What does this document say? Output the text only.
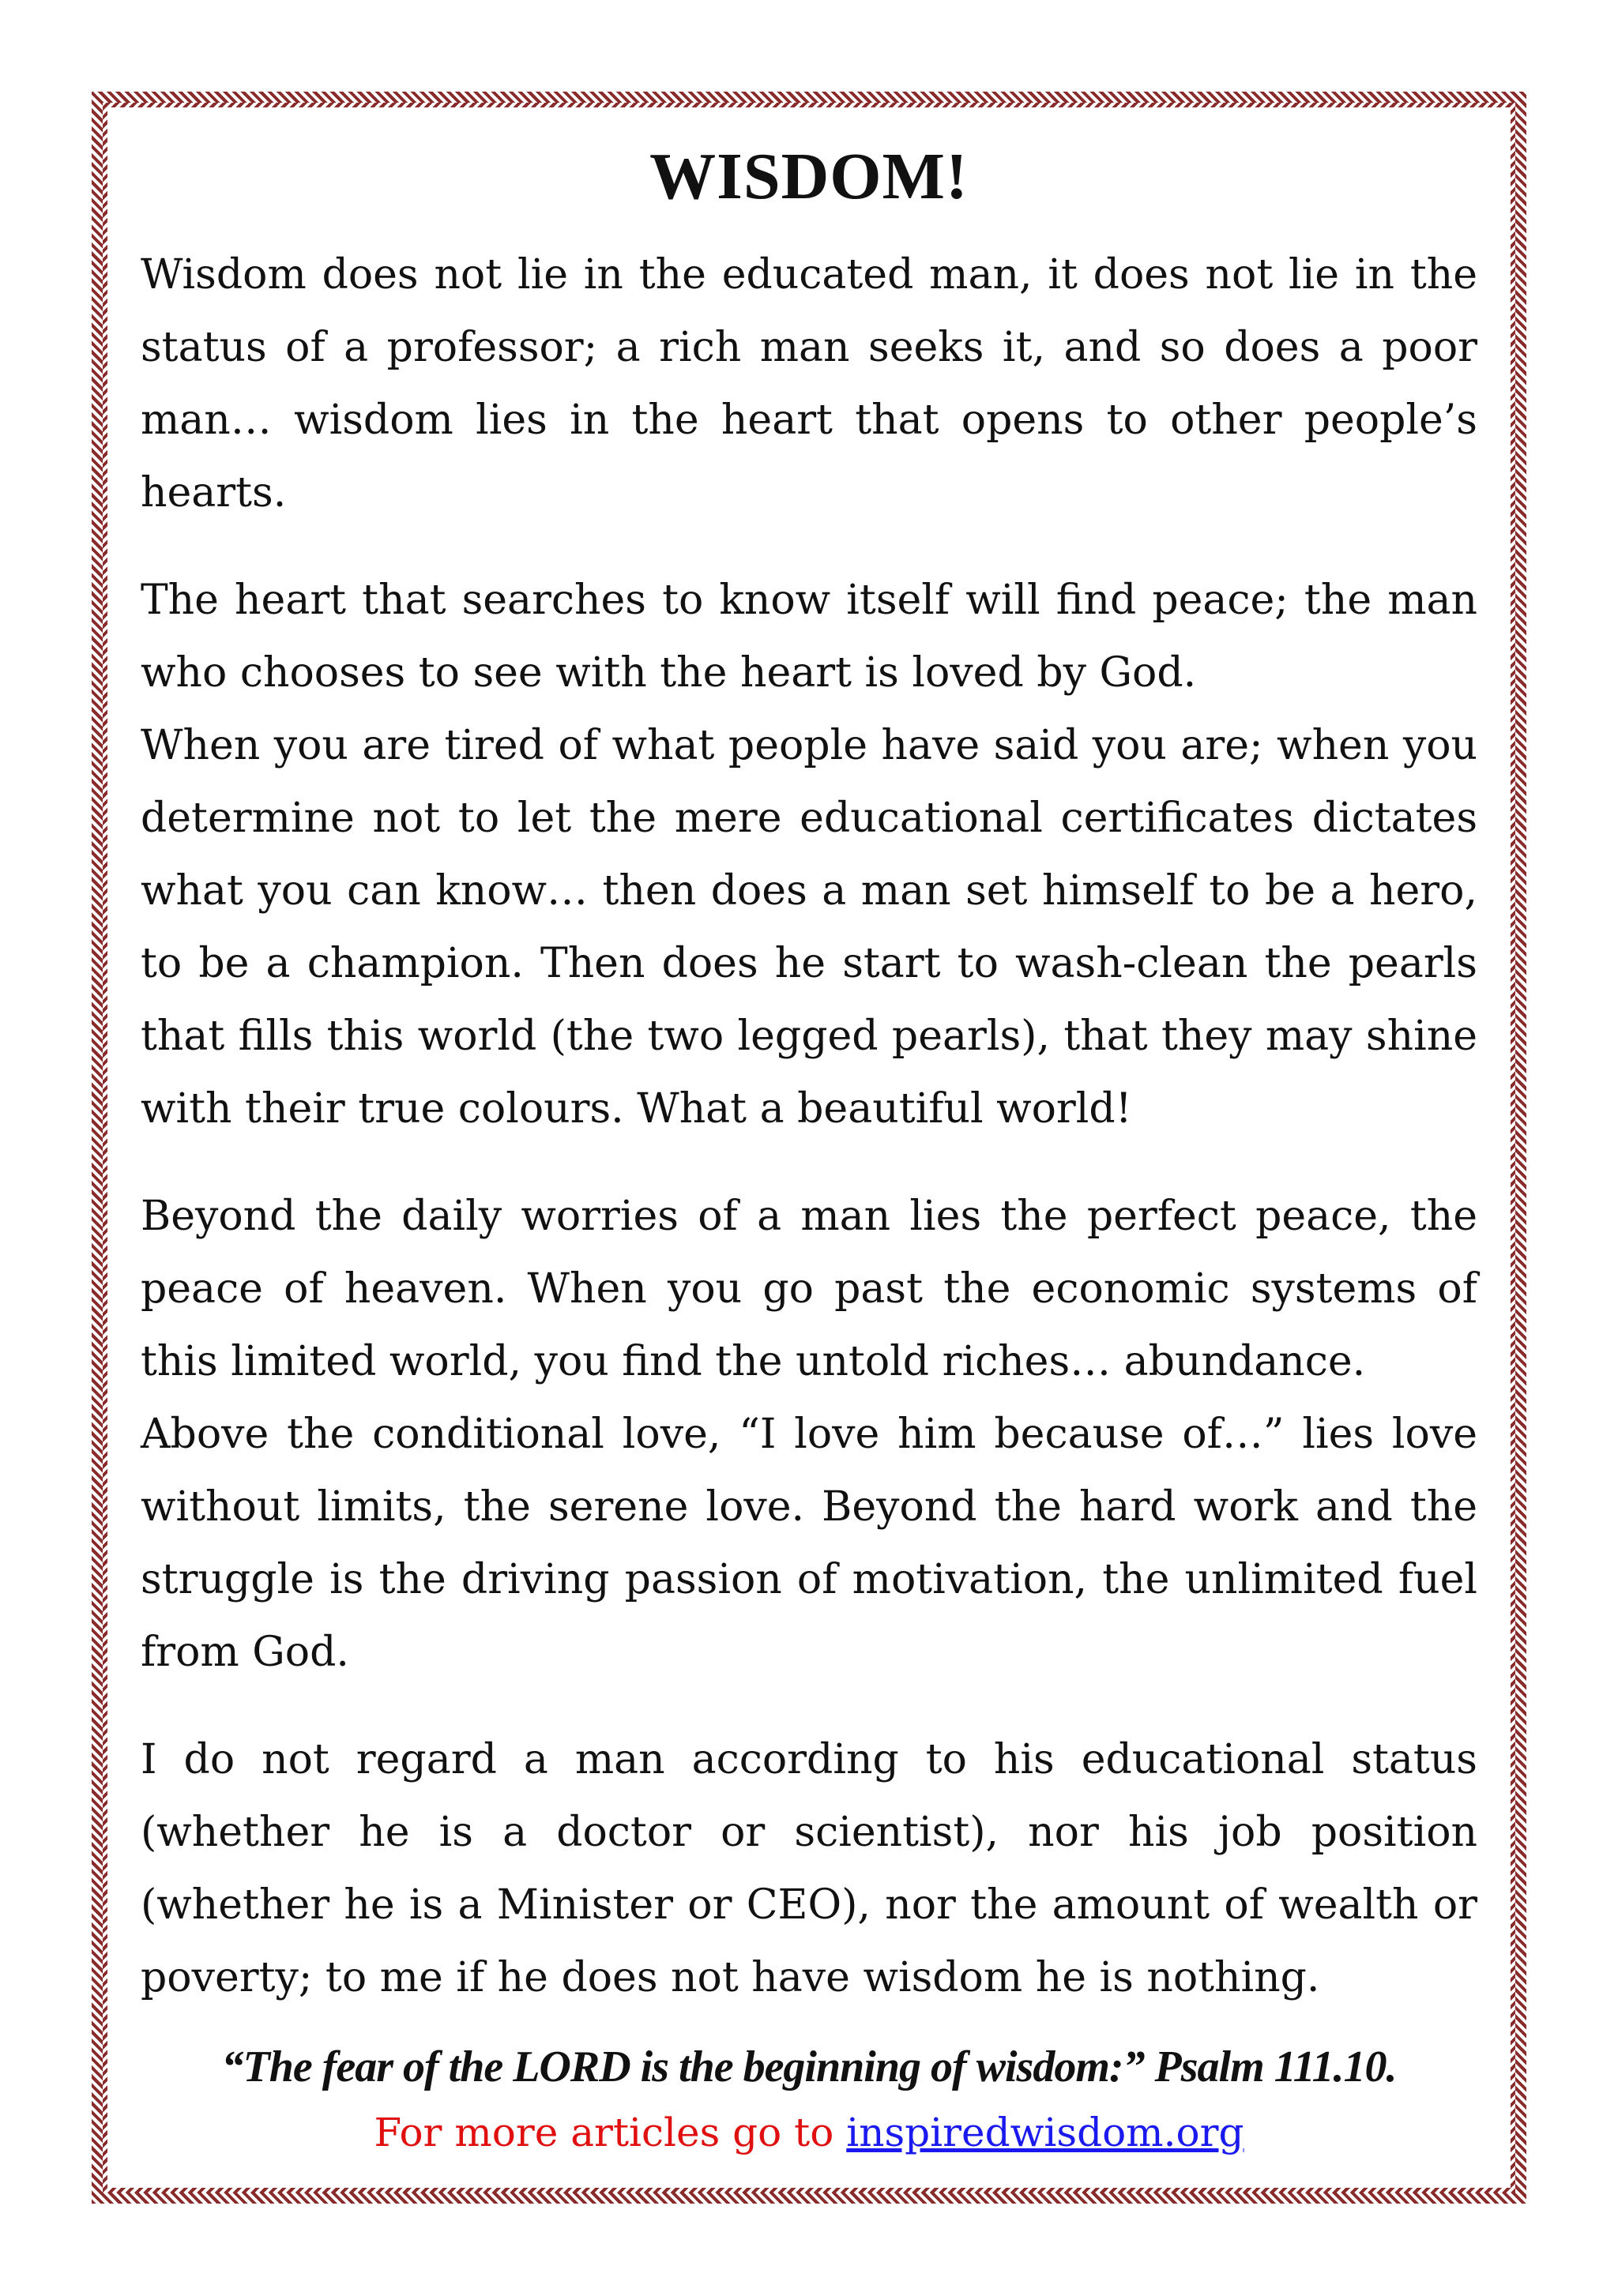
WISDOM!

Wisdom does not lie in the educated man, it does not lie in the status of a professor; a rich man seeks it, and so does a poor man… wisdom lies in the heart that opens to other people’s hearts.

The heart that searches to know itself will find peace; the man who chooses to see with the heart is loved by God.

When you are tired of what people have said you are; when you determine not to let the mere educational certificates dictates what you can know… then does a man set himself to be a hero, to be a champion. Then does he start to wash-clean the pearls that fills this world (the two legged pearls), that they may shine with their true colours. What a beautiful world!

Beyond the daily worries of a man lies the perfect peace, the peace of heaven. When you go past the economic systems of this limited world, you find the untold riches… abundance.

Above the conditional love, “I love him because of…” lies love without limits, the serene love. Beyond the hard work and the struggle is the driving passion of motivation, the unlimited fuel from God.

I do not regard a man according to his educational status (whether he is a doctor or scientist), nor his job position (whether he is a Minister or CEO), nor the amount of wealth or poverty; to me if he does not have wisdom he is nothing.

“The fear of the LORD is the beginning of wisdom:” Psalm 111.10.

For more articles go to inspiredwisdom.org
